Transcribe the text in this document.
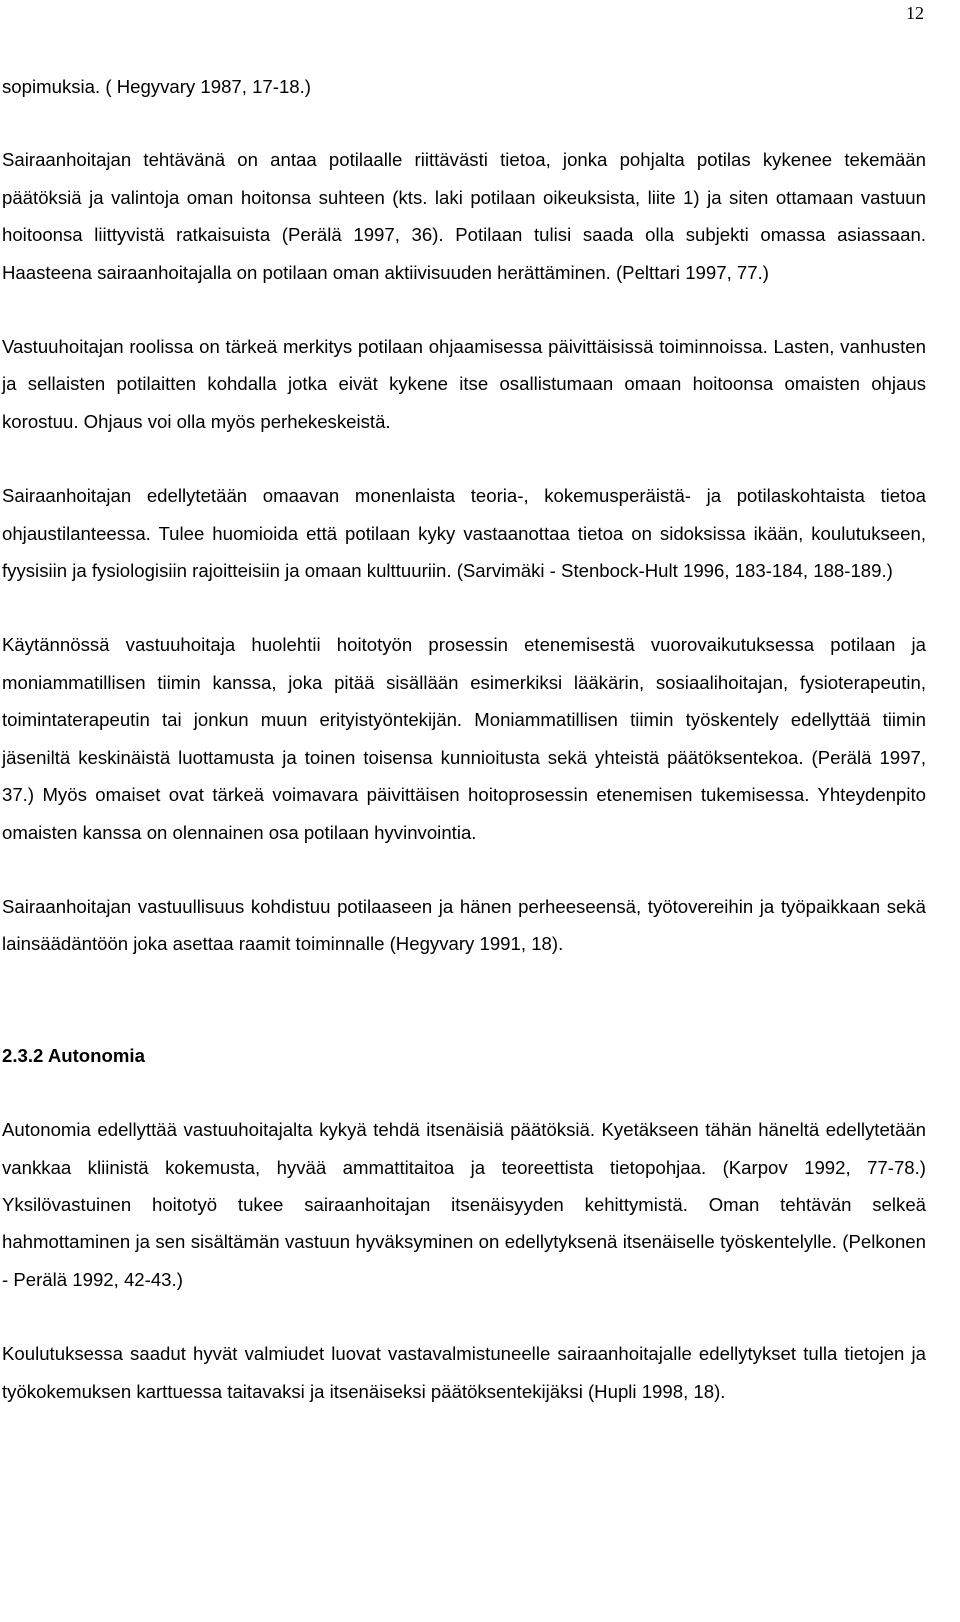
12

sopimuksia. ( Hegyvary 1987, 17-18.)

Sairaanhoitajan tehtävänä on antaa potilaalle riittävästi tietoa, jonka pohjalta potilas kykenee tekemään päätöksiä ja valintoja oman hoitonsa suhteen (kts. laki potilaan oikeuksista, liite 1) ja siten ottamaan vastuun hoitoonsa liittyvistä ratkaisuista (Perälä 1997, 36). Potilaan tulisi saada olla subjekti omassa asiassaan. Haasteena sairaanhoitajalla on potilaan oman aktiivisuuden herättäminen. (Pelttari 1997, 77.)

Vastuuhoitajan roolissa on tärkeä merkitys potilaan ohjaamisessa päivittäisissä toiminnoissa. Lasten, vanhusten ja sellaisten potilaitten kohdalla jotka eivät kykene itse osallistumaan omaan hoitoonsa omaisten ohjaus korostuu. Ohjaus voi olla myös perhekeskeistä.

Sairaanhoitajan edellytetään omaavan monenlaista teoria-, kokemusperäistä- ja potilaskohtaista tietoa ohjaustilanteessa. Tulee huomioida että potilaan kyky vastaanottaa tietoa on sidoksissa ikään, koulutukseen, fyysisiin ja fysiologisiin rajoitteisiin ja omaan kulttuuriin. (Sarvimäki - Stenbock-Hult 1996, 183-184, 188-189.)

Käytännössä vastuuhoitaja huolehtii hoitotyön prosessin etenemisestä vuorovaikutuksessa potilaan ja moniammatillisen tiimin kanssa, joka pitää sisällään esimerkiksi lääkärin, sosiaalihoitajan, fysioterapeutin, toimintaterapeutin tai jonkun muun erityistyöntekijän. Moniammatillisen tiimin työskentely edellyttää tiimin jäseniltä keskinäistä luottamusta ja toinen toisensa kunnioitusta sekä yhteistä päätöksentekoa. (Perälä 1997, 37.) Myös omaiset ovat tärkeä voimavara päivittäisen hoitoprosessin etenemisen tukemisessa. Yhteydenpito omaisten kanssa on olennainen osa potilaan hyvinvointia.

Sairaanhoitajan vastuullisuus kohdistuu potilaaseen ja hänen perheeseensä, työtovereihin ja työpaikkaan sekä lainsäädäntöön joka asettaa raamit toiminnalle (Hegyvary 1991, 18).

2.3.2 Autonomia

Autonomia edellyttää vastuuhoitajalta kykyä tehdä itsenäisiä päätöksiä. Kyetäkseen tähän häneltä edellytetään vankkaa kliinistä kokemusta, hyvää ammattitaitoa ja teoreettista tietopohjaa. (Karpov 1992, 77-78.) Yksilövastuinen hoitotyö tukee sairaanhoitajan itsenäisyyden kehittymistä. Oman tehtävän selkeä hahmottaminen ja sen sisältämän vastuun hyväksyminen on edellytyksenä itsenäiselle työskentelylle. (Pelkonen - Perälä 1992, 42-43.)

Koulutuksessa saadut hyvät valmiudet luovat vastavalmistuneelle sairaanhoitajalle edellytykset tulla tietojen ja työkokemuksen karttuessa taitavaksi ja itsenäiseksi päätöksentekijäksi (Hupli 1998, 18).
